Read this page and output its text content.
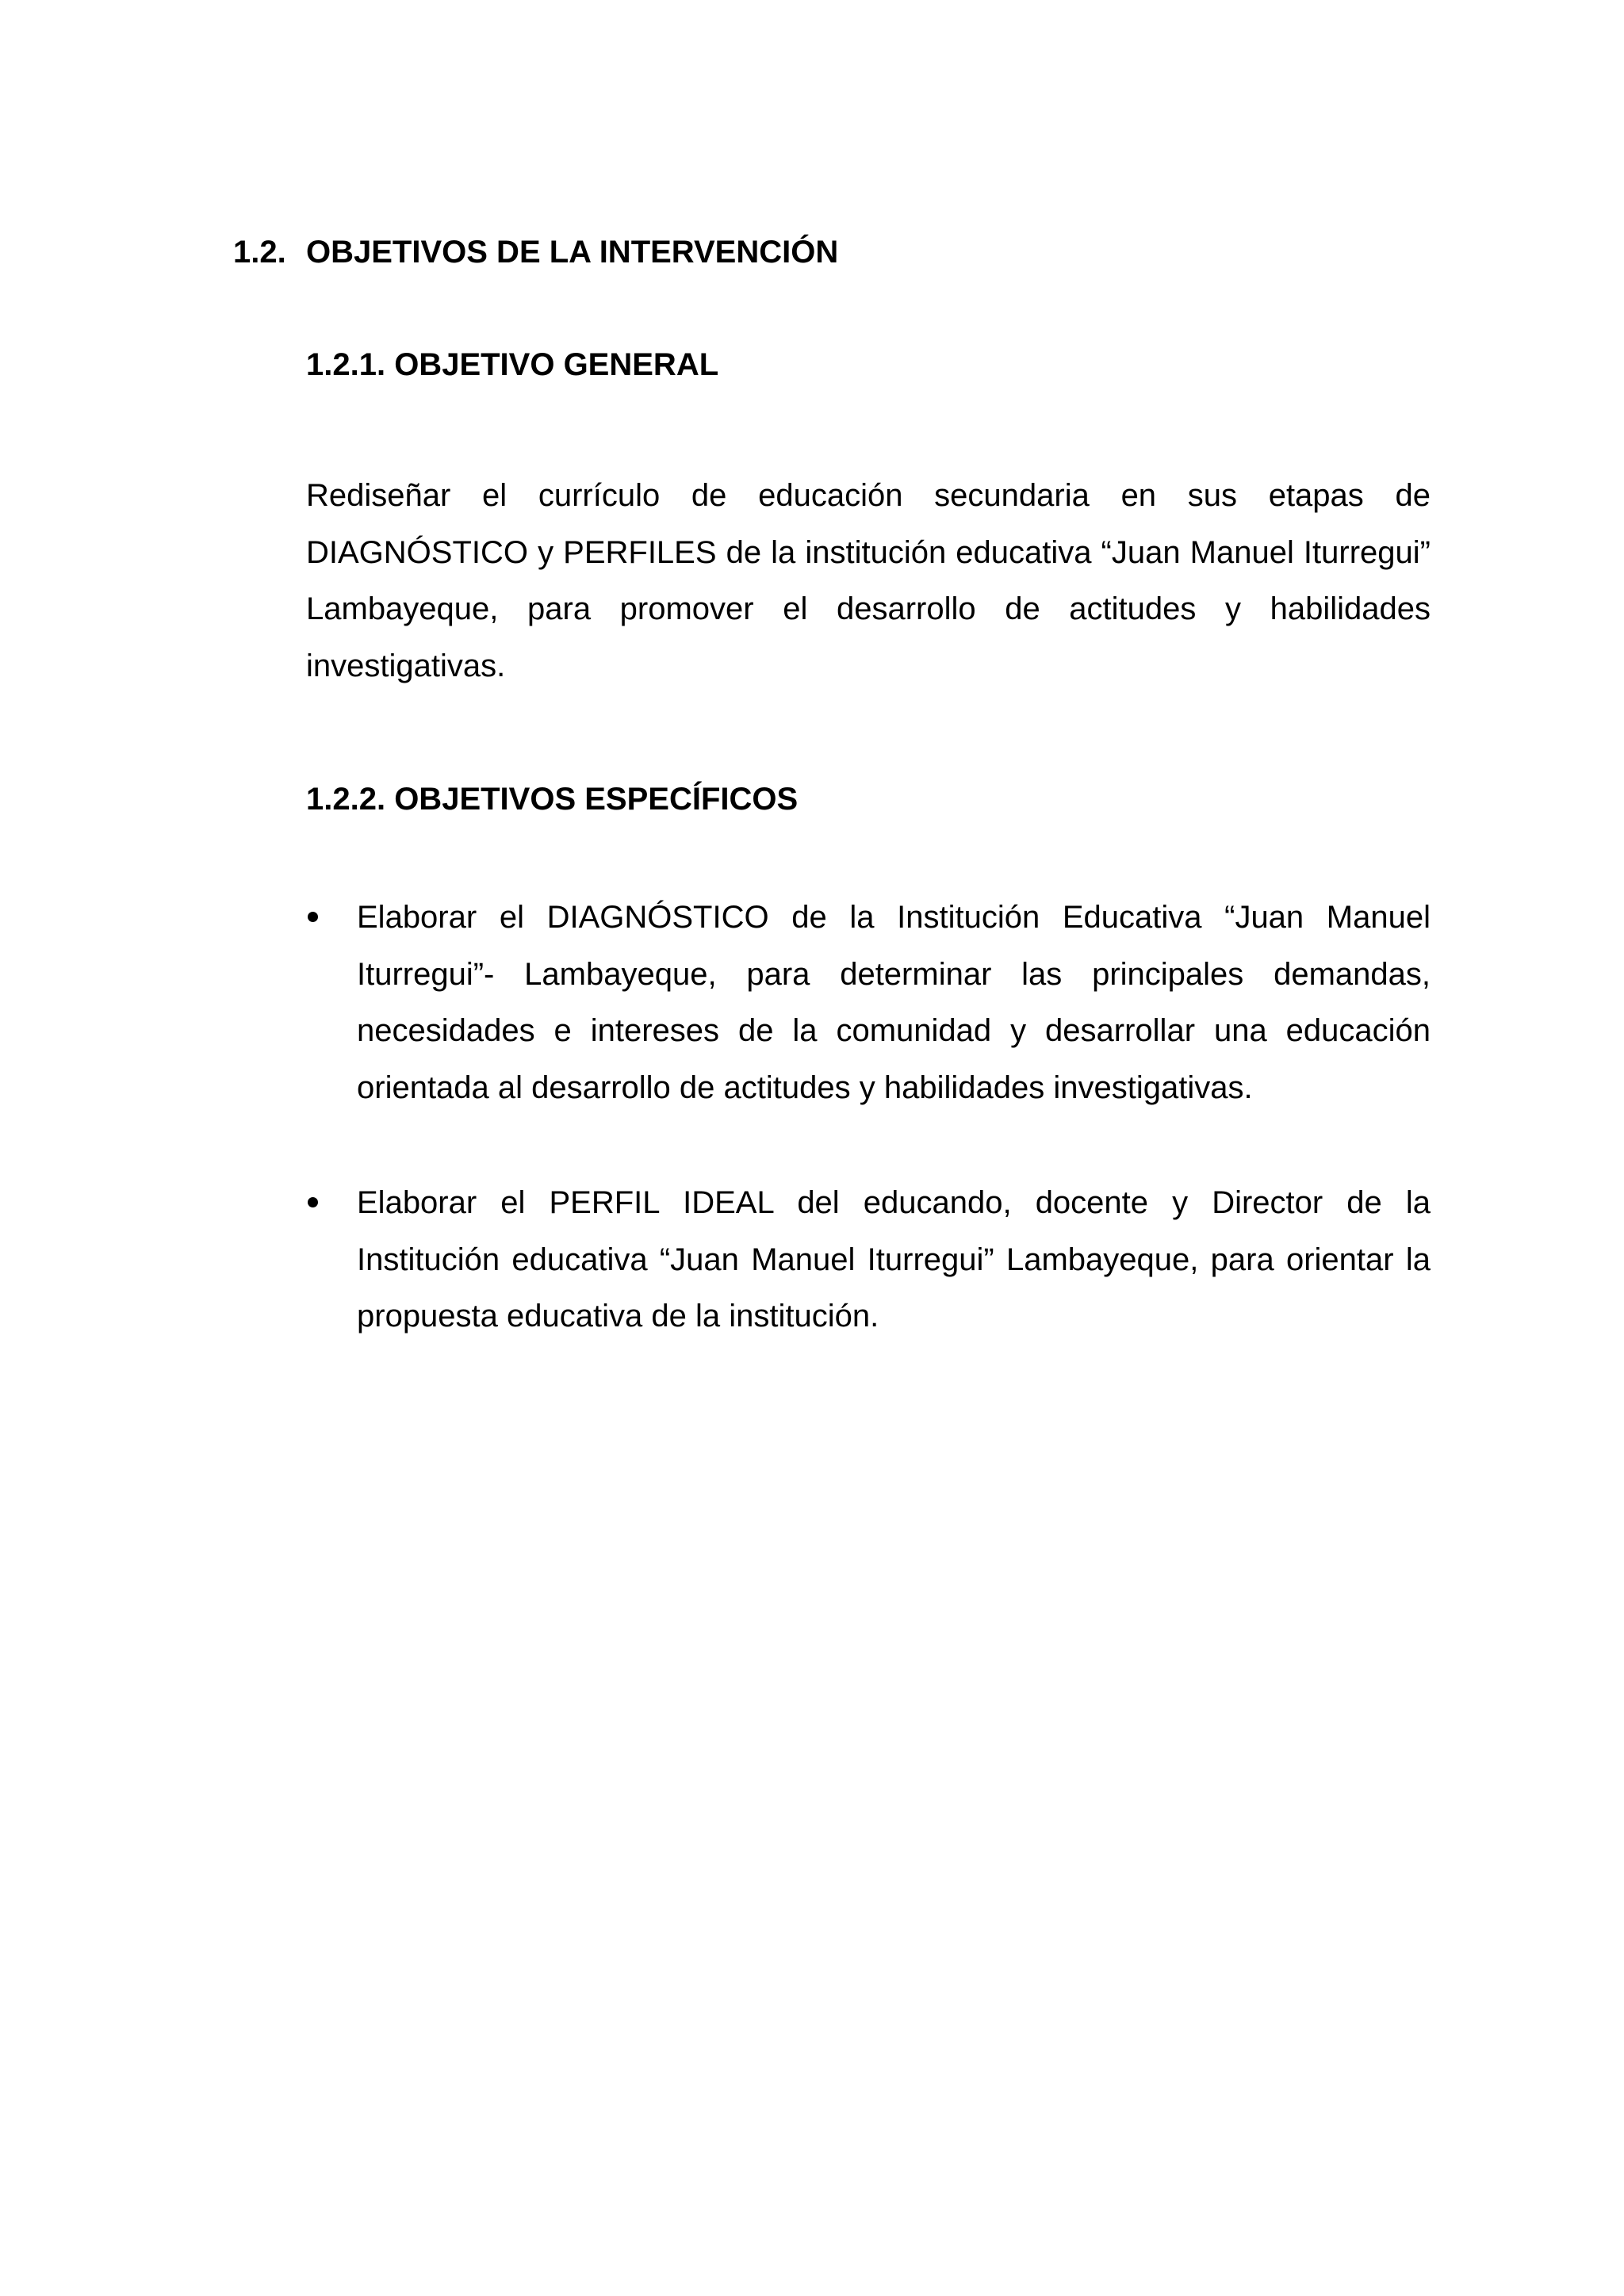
1.2. OBJETIVOS DE LA INTERVENCIÓN
1.2.1. OBJETIVO GENERAL
Rediseñar el currículo de educación secundaria en sus etapas de DIAGNÓSTICO y PERFILES de la institución educativa “Juan Manuel Iturregui” Lambayeque, para promover el desarrollo de actitudes y habilidades investigativas.
1.2.2. OBJETIVOS ESPECÍFICOS
Elaborar el DIAGNÓSTICO de la Institución Educativa “Juan Manuel Iturregui”- Lambayeque, para determinar las principales demandas, necesidades e intereses de la comunidad y desarrollar una educación orientada al desarrollo de actitudes y habilidades investigativas.
Elaborar el PERFIL IDEAL del educando, docente y Director de la Institución educativa “Juan Manuel Iturregui” Lambayeque, para orientar la propuesta educativa de la institución.
